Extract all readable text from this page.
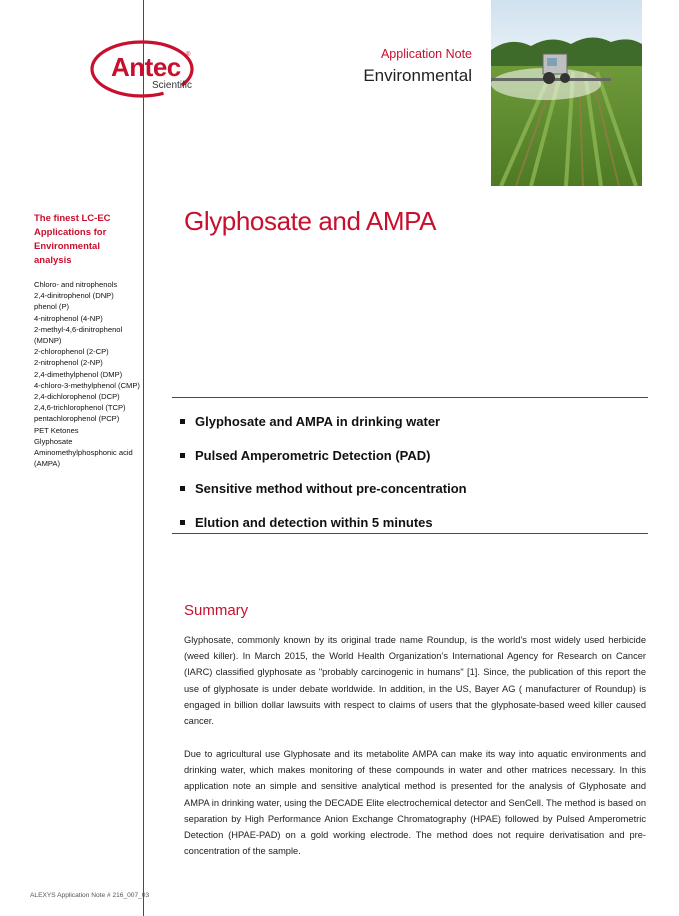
Antec ®
Scientific
Application Note
Environmental
The finest LC-EC Applications for Environmental analysis
Chloro- and nitrophenols
2,4-dinitrophenol (DNP)
phenol (P)
4-nitrophenol (4-NP)
2-methyl-4,6-dinitrophenol (MDNP)
2-chlorophenol (2-CP)
2-nitrophenol (2-NP)
2,4-dimethylphenol (DMP)
4-chloro-3-methylphenol (CMP)
2,4-dichlorophenol (DCP)
2,4,6-trichlorophenol (TCP)
pentachlorophenol (PCP)
PET Ketones
Glyphosate
Aminomethylphosphonic acid (AMPA)
Glyphosate and AMPA
Glyphosate and AMPA in drinking water
Pulsed Amperometric Detection (PAD)
Sensitive method without pre-concentration
Elution and detection within 5 minutes
Summary

Glyphosate, commonly known by its original trade name Roundup, is the world’s most widely used herbicide (weed killer). In March 2015, the World Health Organization’s International Agency for Research on Cancer (IARC) classified glyphosate as "probably carcinogenic in humans" [1]. Since, the publication of this report the use of glyphosate is under debate worldwide. In addition, in the US, Bayer AG ( manufacturer of Roundup) is engaged in billion dollar lawsuits with respect to claims of users that the glyphosate-based weed killer caused cancer.

Due to agricultural use Glyphosate and its metabolite AMPA can make its way into aquatic environments and drinking water, which makes monitoring of these compounds in water and other matrices necessary. In this application note an simple and sensitive analytical method is presented for the analysis of Glyphosate and AMPA in drinking water, using the DECADE Elite electrochemical detector and SenCell. The method is based on separation by High Performance Anion Exchange Chromatography (HPAE) followed by Pulsed Amperometric Detection (HPAE-PAD) on a gold working electrode. The method does not require derivatisation and pre-concentration of the sample.

ALEXYS Application Note # 216_007_03
